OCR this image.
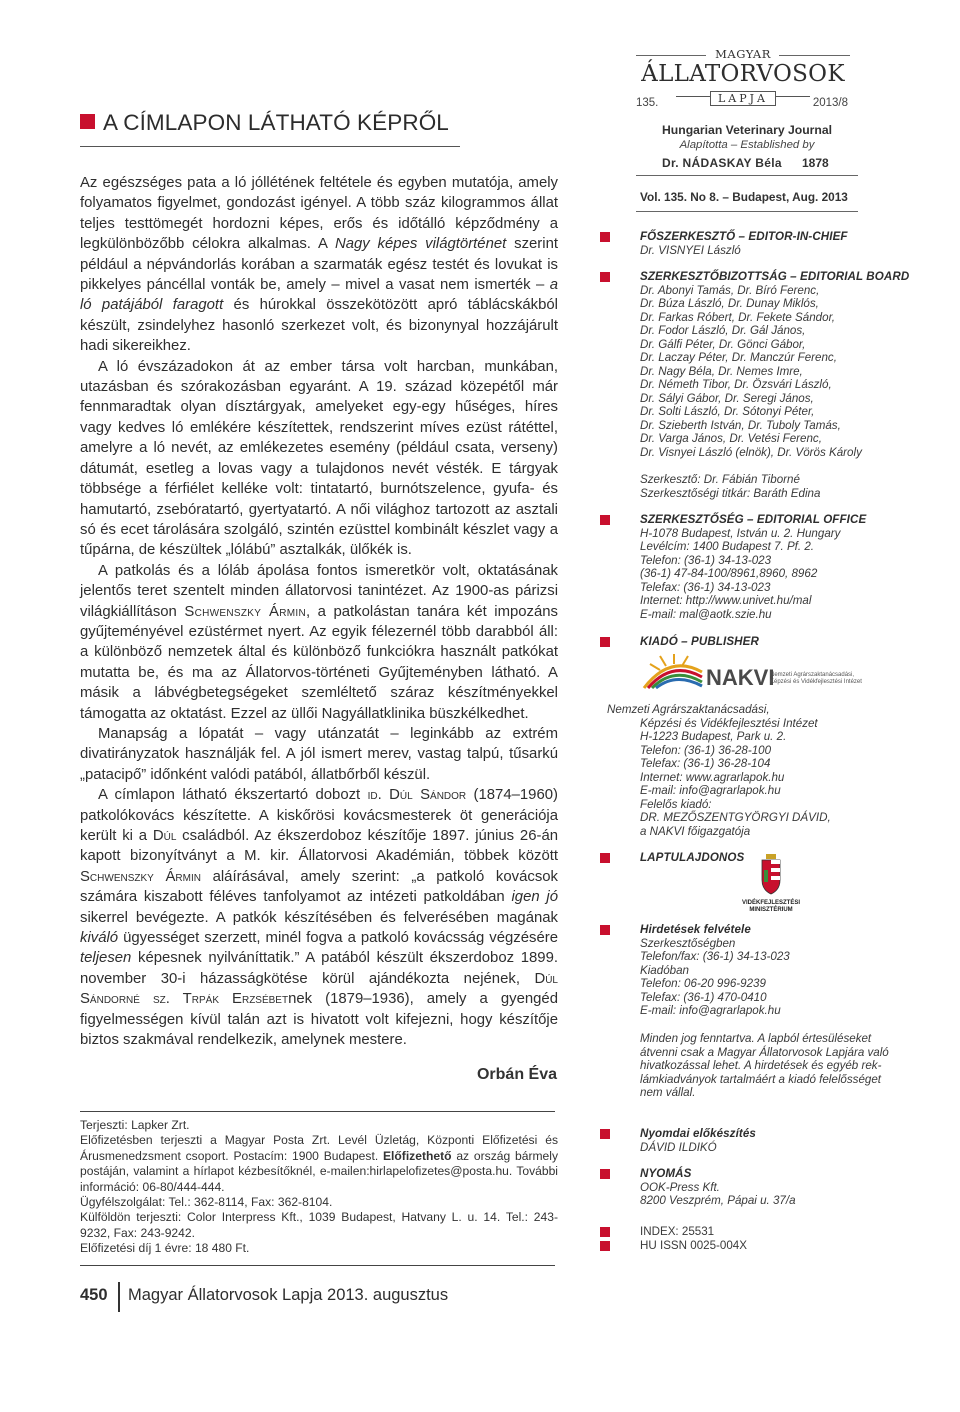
A CÍMLAPON LÁTHATÓ KÉPRŐL

Az egészséges pata a ló jóllétének feltétele és egyben mutatója, amely folyamatos figyelmet, gondozást igényel. A több száz kilogrammos állat teljes testtömegét hordozni képes, erős és időtálló képződmény a legkülönbözőbb célokra alkalmas. A Nagy képes világtörténet szerint például a népvándorlás korában a szarmaták egész testét és lovukat is pikkelyes páncéllal vonták be, amely – mivel a vasat nem ismerték – a ló patájából faragott és húrokkal összekötözött apró táblácskákból készült, zsindelyhez hasonló szerkezet volt, és bizonynyal hozzájárult hadi sikereikhez.

A ló évszázadokon át az ember társa volt harcban, munkában, utazásban és szórakozásban egyaránt. A 19. század közepétől már fennmaradtak olyan dísztárgyak, amelyeket egy-egy hűséges, híres vagy kedves ló emlékére készítettek, rendszerint míves ezüst rátéttel, amelyre a ló nevét, az emlékezetes esemény (például csata, verseny) dátumát, esetleg a lovas vagy a tulajdonos nevét vésték. E tárgyak többsége a férfiélet kelléke volt: tintatartó, burnótszelence, gyufa- és hamutartó, zsebóratartó, gyertyatartó. A női világhoz tartozott az asztali só és ecet tárolására szolgáló, szintén ezüsttel kombinált készlet vagy a tűpárna, de készültek „lólábú” asztalkák, ülőkék is.

A patkolás és a lóláb ápolása fontos ismeretkör volt, oktatásának jelentős teret szentelt minden állatorvosi tanintézet. Az 1900-as párizsi világkiállításon Schwenszky Ármin, a patkolástan tanára két impozáns gyűjteményével ezüstérmet nyert. Az egyik félezernél több darabból áll: a különböző nemzetek által és különböző funkciókra használt patkókat mutatta be, és ma az Állatorvos-történeti Gyűjteményben látható. A másik a lábvégbetegségeket szemléltető száraz készítményekkel támogatta az oktatást. Ezzel az üllői Nagyállatklinika büszkélkedhet.

Manapság a lópatát – vagy utánzatát – leginkább az extrém divatirányzatok használják fel. A jól ismert merev, vastag talpú, tűsarkú „patacipő” időnként valódi patából, állatbőrből készül.

A címlapon látható ékszertartó dobozt id. Dúl Sándor (1874–1960) patkolókovács készítette. A kiskőrösi kovácsmesterek öt generációja került ki a Dúl családból. Az ékszerdoboz készítője 1897. június 26-án kapott bizonyítványt a M. kir. Állatorvosi Akadémián, többek között Schwenszky Ármin aláírásával, amely szerint: „a patkoló kovácsok számára kiszabott féléves tanfolyamot az intézeti patkoldában igen jó sikerrel bevégezte. A patkók készítésében és felverésében magának kiváló ügyességet szerzett, minél fogva a patkoló kovácsság végzésére teljesen képesnek nyilváníttatik.” A patából készült ékszerdoboz 1899. november 30-i házasságkötése körül ajándékozta nejének, Dúl Sándorné sz. Trpák Erzsébetnek (1879–1936), amely a gyengéd figyelmességen kívül talán azt is hivatott volt kifejezni, hogy készítője biztos szakmával rendelkezik, amelynek mestere.

Orbán Éva

Terjeszti: Lapker Zrt.

Előfizetésben terjeszti a Magyar Posta Zrt. Levél Üzletág, Központi Előfizetési és Árusmenedzsment csoport. Postacím: 1900 Budapest. Előfizethető az ország bármely postáján, valamint a hírlapot kézbesítőknél, e-mailen:hirlapelofizetes@posta.hu. További információ: 06-80/444-444.

Ügyfélszolgálat: Tel.: 362-8114, Fax: 362-8104.

Külföldön terjeszti: Color Interpress Kft., 1039 Budapest, Hatvany L. u. 14. Tel.: 243-9232, Fax: 243-9242.

Előfizetési díj 1 évre: 18 480 Ft.

450 Magyar Állatorvosok Lapja 2013. augusztus
MAGYAR
ÁLLATORVOSOK
LAPJA
135.	2013/8
Hungarian Veterinary Journal
Alapította – Established by
Dr. NÁDASKAY Béla 1878
Vol. 135. No 8. – Budapest, Aug. 2013
FŐSZERKESZTŐ – EDITOR-IN-CHIEF
Dr. VISNYEI László
SZERKESZTŐBIZOTTSÁG – EDITORIAL BOARD
Dr. Abonyi Tamás, Dr. Bíró Ferenc,
Dr. Búza László, Dr. Dunay Miklós,
Dr. Farkas Róbert, Dr. Fekete Sándor,
Dr. Fodor László, Dr. Gál János,
Dr. Gálfi Péter, Dr. Gönci Gábor,
Dr. Laczay Péter, Dr. Manczúr Ferenc,
Dr. Nagy Béla, Dr. Nemes Imre,
Dr. Németh Tibor, Dr. Özsvári László,
Dr. Sályi Gábor, Dr. Seregi János,
Dr. Solti László, Dr. Sótonyi Péter,
Dr. Szieberth István, Dr. Tuboly Tamás,
Dr. Varga János, Dr. Vetési Ferenc,
Dr. Visnyei László (elnök), Dr. Vörös Károly
Szerkesztő: Dr. Fábián Tiborné
Szerkesztőségi titkár: Baráth Edina
SZERKESZTŐSÉG – EDITORIAL OFFICE
H-1078 Budapest, István u. 2. Hungary
Levélcím: 1400 Budapest 7. Pf. 2.
Telefon: (36-1) 34-13-023
(36-1) 47-84-100/8961,8960, 8962
Telefax: (36-1) 34-13-023
Internet: http://www.univet.hu/mal
E-mail: mal@aotk.szie.hu
KIADÓ – PUBLISHER
NAKVI
Nemzeti Agrárszaktanácsadási,
Képzési és Vidékfejlesztési Intézet
Nemzeti Agrárszaktanácsadási,
Képzési és Vidékfejlesztési Intézet
H-1223 Budapest, Park u. 2.
Telefon: (36-1) 36-28-100
Telefax: (36-1) 36-28-104
Internet: www.agrarlapok.hu
E-mail: info@agrarlapok.hu
Felelős kiadó:
DR. MEZŐSZENTGYÖRGYI DÁVID,
a NAKVI főigazgatója
LAPTULAJDONOS
VIDÉKFEJLESZTÉSI
MINISZTÉRIUM
Hirdetések felvétele
Szerkesztőségben
Telefon/fax: (36-1) 34-13-023
Kiadóban
Telefon: 06-20 996-9239
Telefax: (36-1) 470-0410
E-mail: info@agrarlapok.hu
Minden jog fenntartva. A lapból értesüléseket
átvenni csak a Magyar Állatorvosok Lapjára való
hivatkozással lehet. A hirdetések és egyéb rek-
lámkiadványok tartalmáért a kiadó felelősséget
nem vállal.
Nyomdai előkészítés
DÁVID ILDIKÓ
NYOMÁS
OOK-Press Kft.
8200 Veszprém, Pápai u. 37/a
INDEX: 25531
HU ISSN 0025-004X
